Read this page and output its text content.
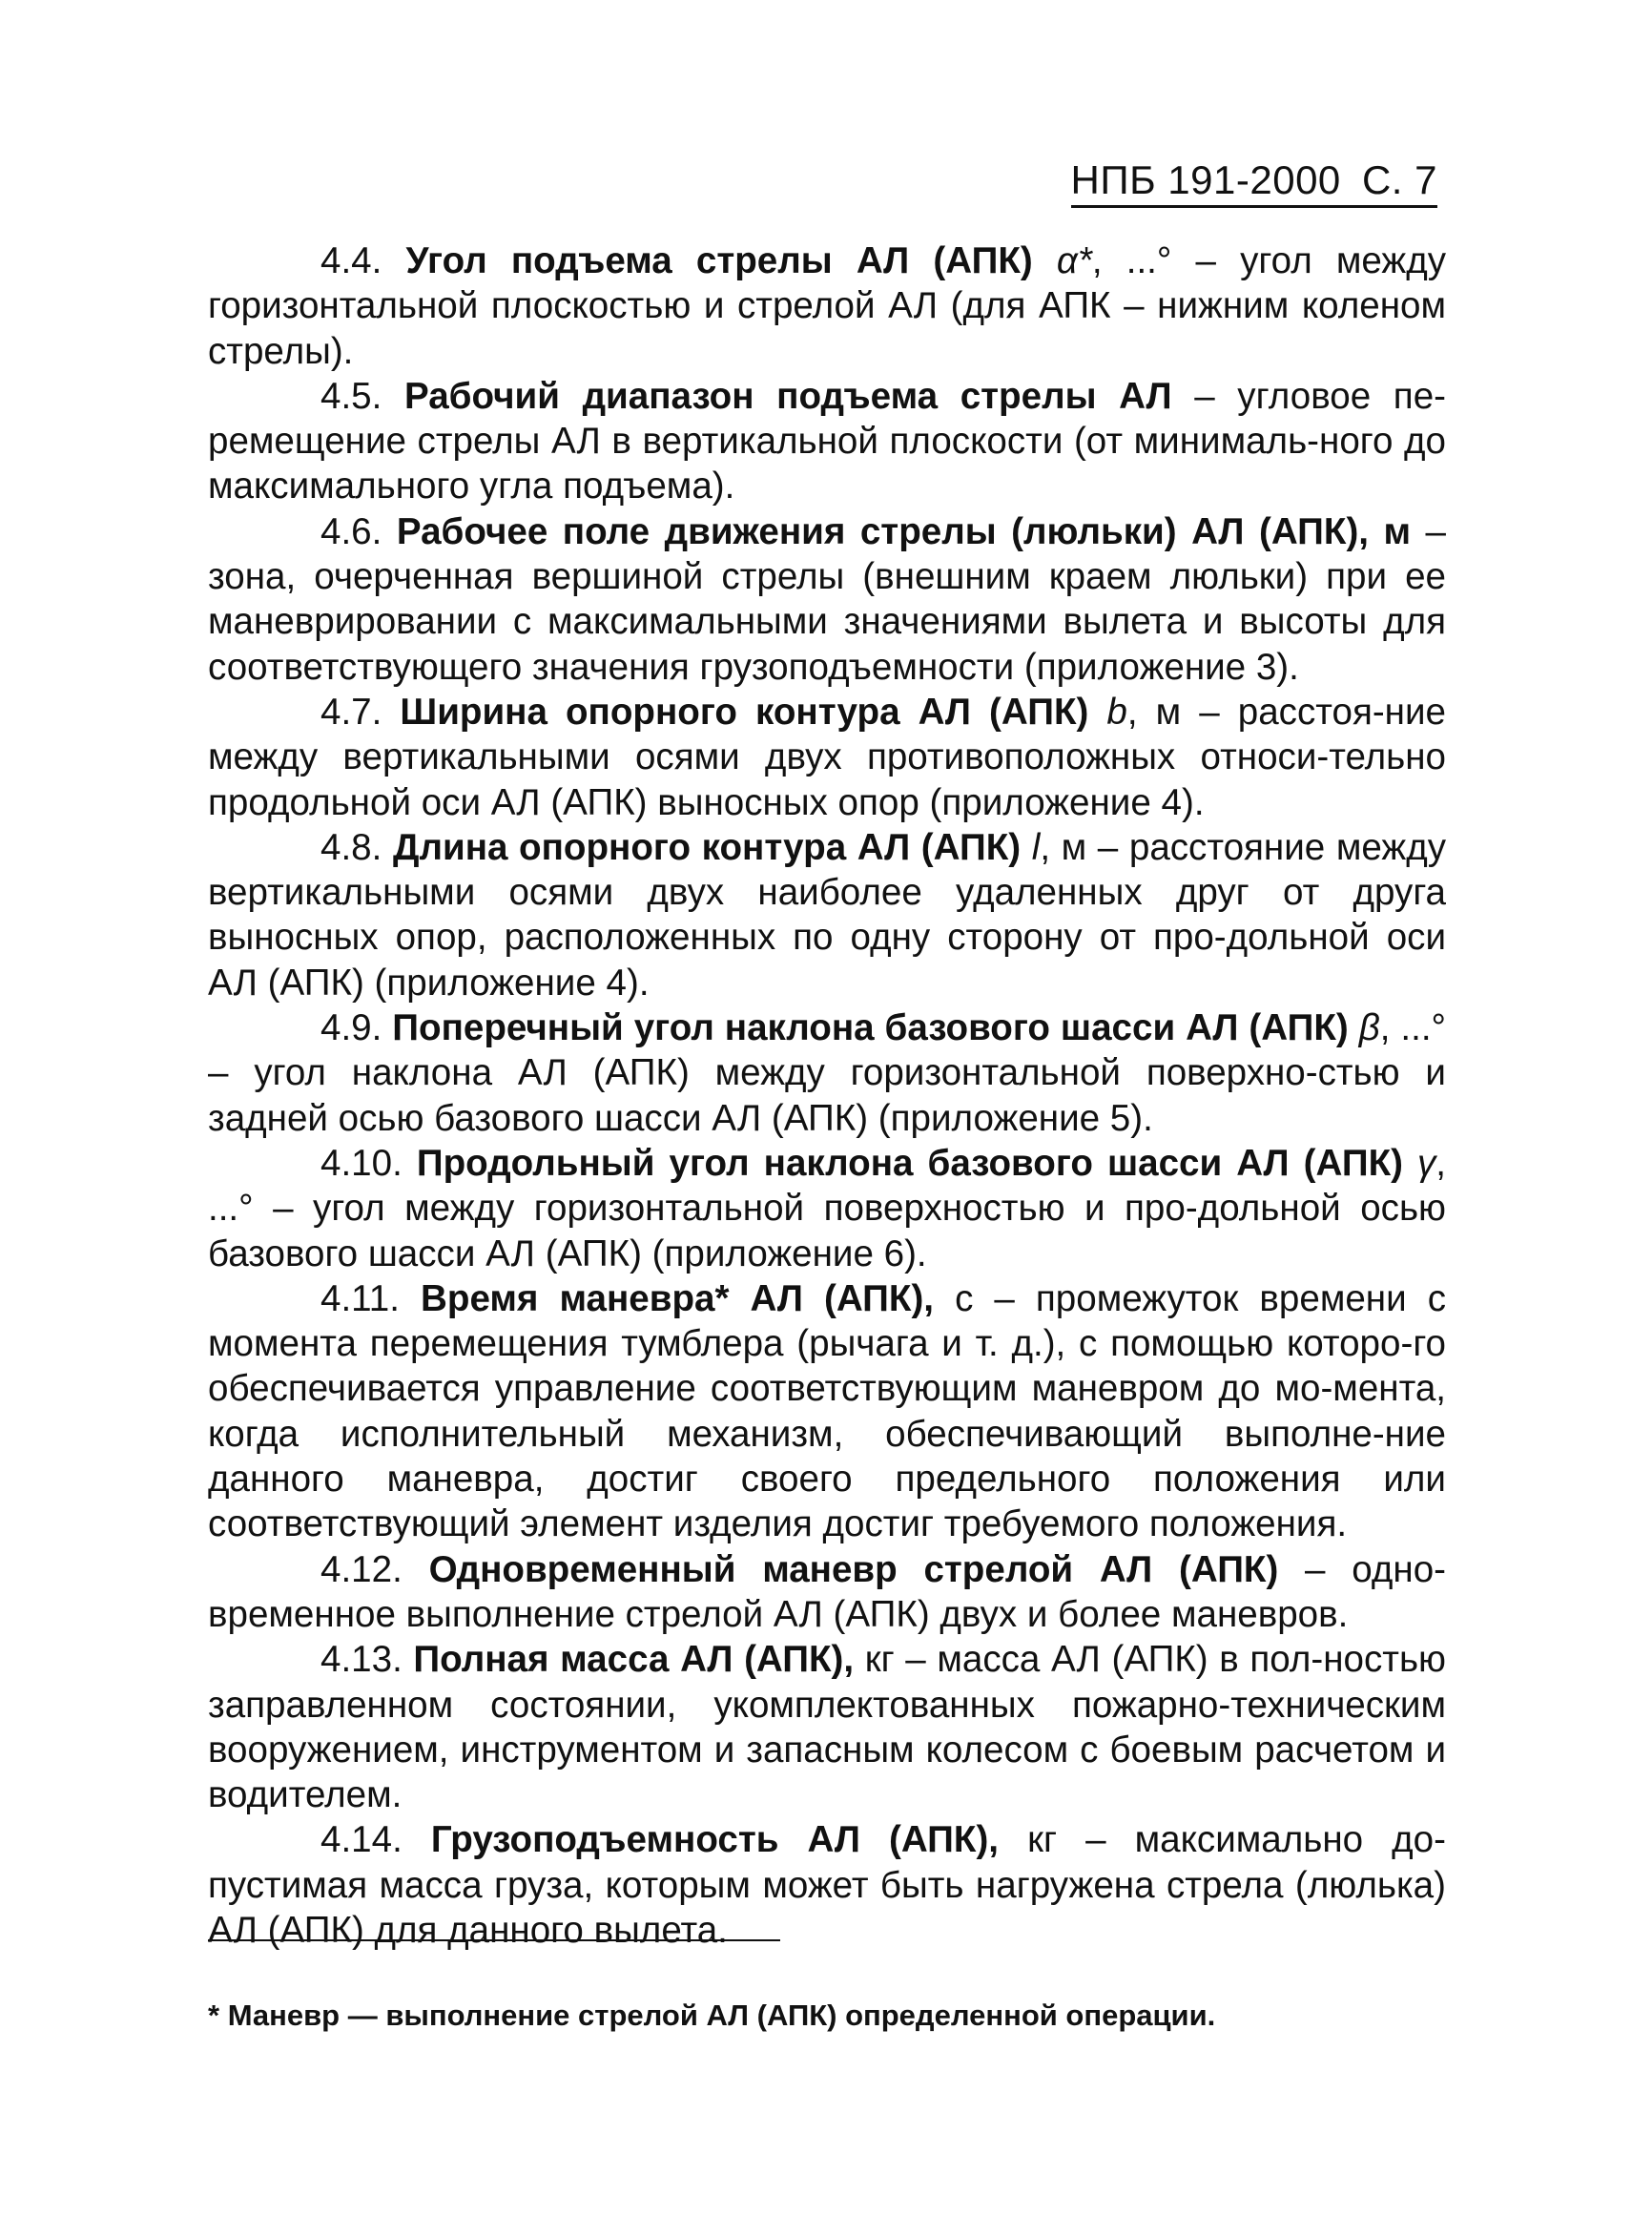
НПБ 191-2000 С. 7

4.4. Угол подъема стрелы АЛ (АПК) α*, ...° – угол между горизонтальной плоскостью и стрелой АЛ (для АПК – нижним коленом стрелы).

4.5. Рабочий диапазон подъема стрелы АЛ – угловое пе-ремещение стрелы АЛ в вертикальной плоскости (от минималь-ного до максимального угла подъема).

4.6. Рабочее поле движения стрелы (люльки) АЛ (АПК), м – зона, очерченная вершиной стрелы (внешним краем люльки) при ее маневрировании с максимальными значениями вылета и высоты для соответствующего значения грузоподъемности (приложение 3).

4.7. Ширина опорного контура АЛ (АПК) b, м – расстоя-ние между вертикальными осями двух противоположных относи-тельно продольной оси АЛ (АПК) выносных опор (приложение 4).

4.8. Длина опорного контура АЛ (АПК) l, м – расстояние между вертикальными осями двух наиболее удаленных друг от друга выносных опор, расположенных по одну сторону от про-дольной оси АЛ (АПК) (приложение 4).

4.9. Поперечный угол наклона базового шасси АЛ (АПК) β, ...° – угол наклона АЛ (АПК) между горизонтальной поверхно-стью и задней осью базового шасси АЛ (АПК) (приложение 5).

4.10. Продольный угол наклона базового шасси АЛ (АПК) γ, ...° – угол между горизонтальной поверхностью и про-дольной осью базового шасси АЛ (АПК) (приложение 6).

4.11. Время маневра* АЛ (АПК), с – промежуток времени с момента перемещения тумблера (рычага и т. д.), с помощью которо-го обеспечивается управление соответствующим маневром до мо-мента, когда исполнительный механизм, обеспечивающий выполне-ние данного маневра, достиг своего предельного положения или соответствующий элемент изделия достиг требуемого положения.

4.12. Одновременный маневр стрелой АЛ (АПК) – одно-временное выполнение стрелой АЛ (АПК) двух и более маневров.

4.13. Полная масса АЛ (АПК), кг – масса АЛ (АПК) в пол-ностью заправленном состоянии, укомплектованных пожарно-техническим вооружением, инструментом и запасным колесом с боевым расчетом и водителем.

4.14. Грузоподъемность АЛ (АПК), кг – максимально до-пустимая масса груза, которым может быть нагружена стрела (люлька) АЛ (АПК) для данного вылета.

* Маневр — выполнение стрелой АЛ (АПК) определенной операции.
